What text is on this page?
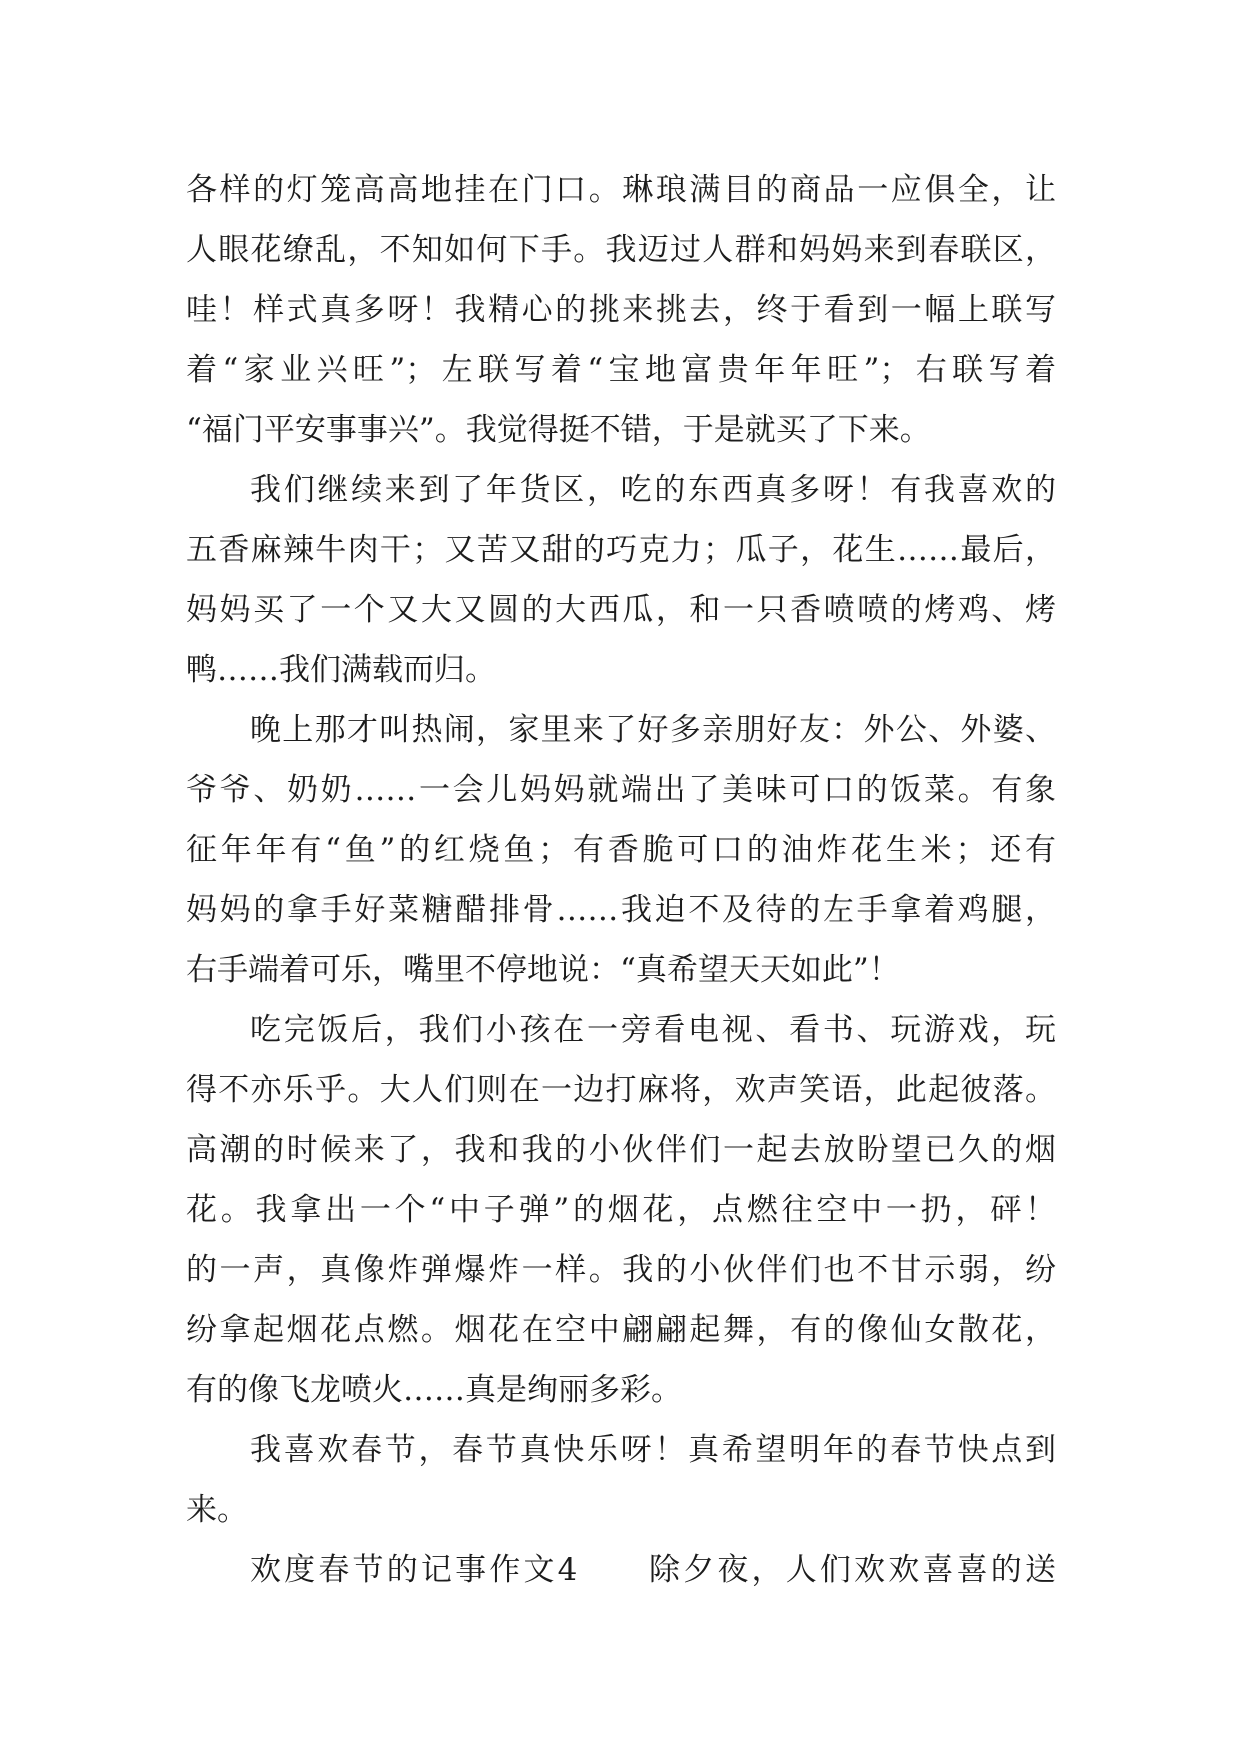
各样的灯笼高高地挂在门口。琳琅满目的商品一应俱全，让
人眼花缭乱，不知如何下手。我迈过人群和妈妈来到春联区，
哇！样式真多呀！我精心的挑来挑去，终于看到一幅上联写
着“家业兴旺”；左联写着“宝地富贵年年旺”；右联写着
“福门平安事事兴”。我觉得挺不错，于是就买了下来。
我们继续来到了年货区，吃的东西真多呀！有我喜欢的
五香麻辣牛肉干；又苦又甜的巧克力；瓜子，花生……最后，
妈妈买了一个又大又圆的大西瓜，和一只香喷喷的烤鸡、烤
鸭……我们满载而归。
晚上那才叫热闹，家里来了好多亲朋好友：外公、外婆、
爷爷、奶奶……一会儿妈妈就端出了美味可口的饭菜。有象
征年年有“鱼”的红烧鱼；有香脆可口的油炸花生米；还有
妈妈的拿手好菜糖醋排骨……我迫不及待的左手拿着鸡腿，
右手端着可乐，嘴里不停地说：“真希望天天如此”！
吃完饭后，我们小孩在一旁看电视、看书、玩游戏，玩
得不亦乐乎。大人们则在一边打麻将，欢声笑语，此起彼落。
高潮的时候来了，我和我的小伙伴们一起去放盼望已久的烟
花。我拿出一个“中子弹”的烟花，点燃往空中一扔，砰！
的一声，真像炸弹爆炸一样。我的小伙伴们也不甘示弱，纷
纷拿起烟花点燃。烟花在空中翩翩起舞，有的像仙女散花，
有的像飞龙喷火……真是绚丽多彩。
我喜欢春节，春节真快乐呀！真希望明年的春节快点到
来。
欢度春节的记事作文4　　除夕夜，人们欢欢喜喜的送
